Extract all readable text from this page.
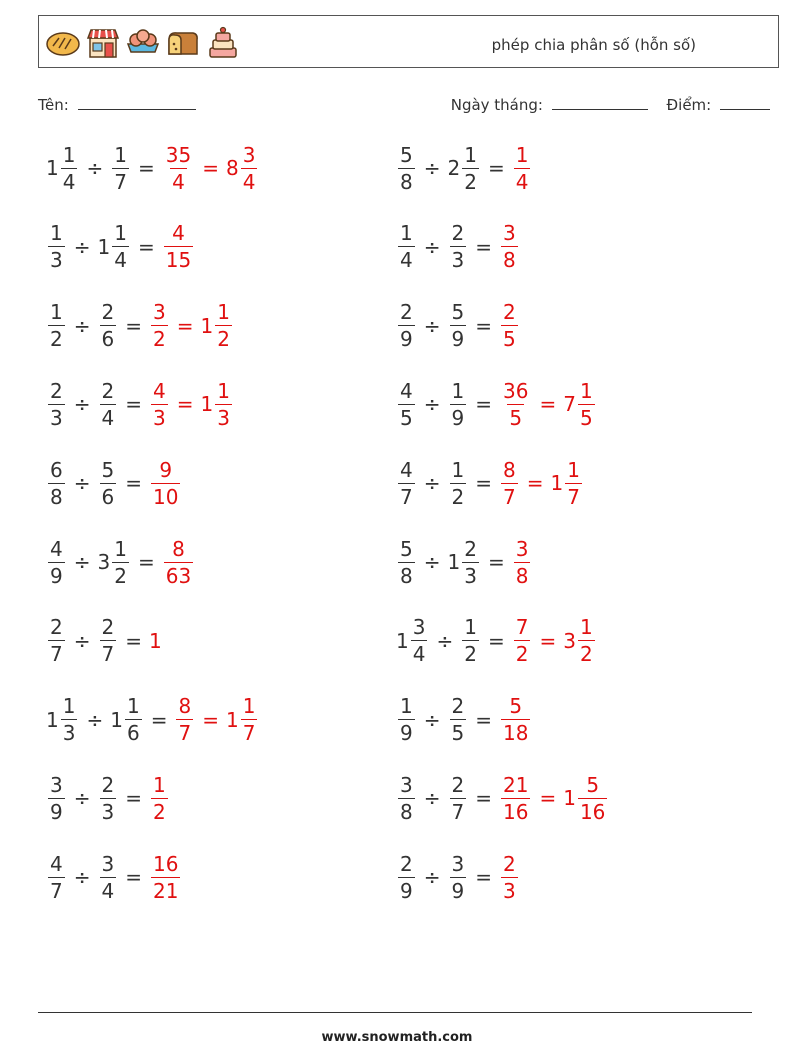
phép chia phân số (hỗn số)
Tên:	Ngày tháng:	Điểm:
$1 \frac{1}{4} \div \frac{1}{7} = \frac{35}{4} = 8 \frac{3}{4}$	$\frac{5}{8} \div 2 \frac{1}{2} = \frac{1}{4}$
$\frac{1}{3} \div 1 \frac{1}{4} = \frac{4}{15}$	$\frac{1}{4} \div \frac{2}{3} = \frac{3}{8}$
$\frac{1}{2} \div \frac{2}{6} = \frac{3}{2} = 1 \frac{1}{2}$	$\frac{2}{9} \div \frac{5}{9} = \frac{2}{5}$
$\frac{2}{3} \div \frac{2}{4} = \frac{4}{3} = 1 \frac{1}{3}$	$\frac{4}{5} \div \frac{1}{9} = \frac{36}{5} = 7 \frac{1}{5}$
$\frac{6}{8} \div \frac{5}{6} = \frac{9}{10}$	$\frac{4}{7} \div \frac{1}{2} = \frac{8}{7} = 1 \frac{1}{7}$
$\frac{4}{9} \div 3 \frac{1}{2} = \frac{8}{63}$	$\frac{5}{8} \div 1 \frac{2}{3} = \frac{3}{8}$
$\frac{2}{7} \div \frac{2}{7} = 1$	$1 \frac{3}{4} \div \frac{1}{2} = \frac{7}{2} = 3 \frac{1}{2}$
$1 \frac{1}{3} \div 1 \frac{1}{6} = \frac{8}{7} = 1 \frac{1}{7}$	$\frac{1}{9} \div \frac{2}{5} = \frac{5}{18}$
$\frac{3}{9} \div \frac{2}{3} = \frac{1}{2}$	$\frac{3}{8} \div \frac{2}{7} = \frac{21}{16} = 1 \frac{5}{16}$
$\frac{4}{7} \div \frac{3}{4} = \frac{16}{21}$	$\frac{2}{9} \div \frac{3}{9} = \frac{2}{3}$
www.snowmath.com
